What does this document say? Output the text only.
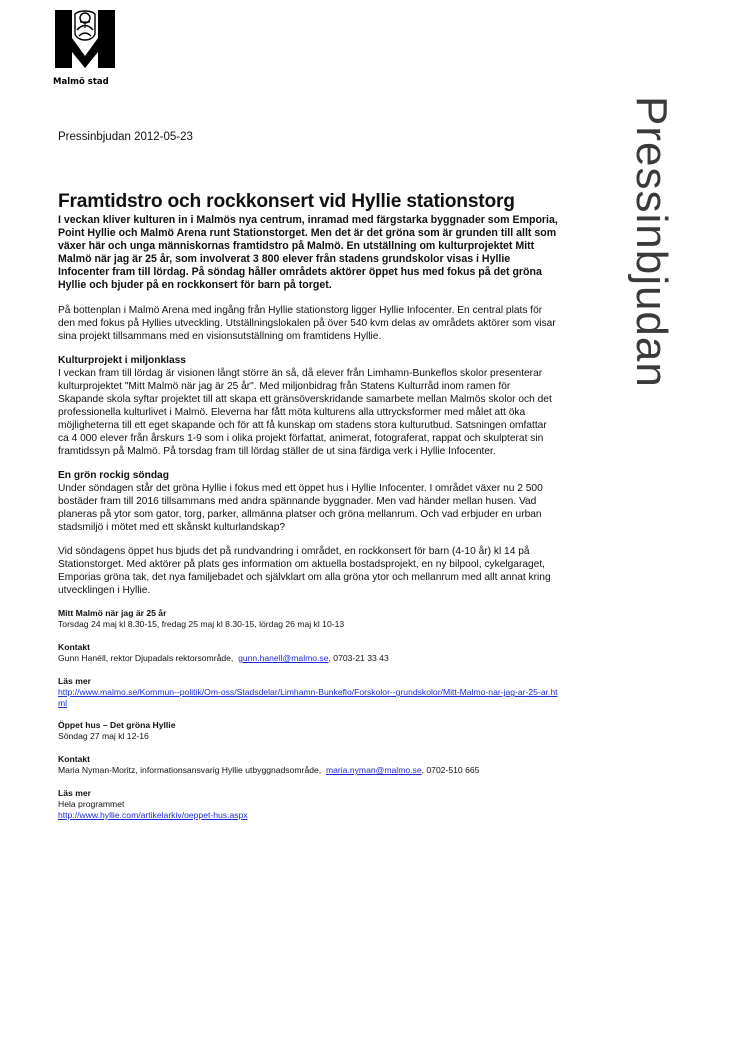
Malmö stad
Pressinbjudan
Pressinbjudan 2012-05-23
Framtidstro och rockkonsert vid Hyllie stationstorg

I veckan kliver kulturen in i Malmös nya centrum, inramad med färgstarka byggnader som Emporia, Point Hyllie och Malmö Arena runt Stationstorget. Men det är det gröna som är grunden till allt som växer här och unga människornas framtidstro på Malmö. En utställning om kulturprojektet Mitt Malmö när jag är 25 år, som involverat 3 800 elever från stadens grundskolor visas i Hyllie Infocenter fram till lördag. På söndag håller områdets aktörer öppet hus med fokus på det gröna Hyllie och bjuder på en rockkonsert för barn på torget.

På bottenplan i Malmö Arena med ingång från Hyllie stationstorg ligger Hyllie Infocenter. En central plats för den med fokus på Hyllies utveckling. Utställningslokalen på över 540 kvm delas av områdets aktörer som visar sina projekt tillsammans med en visionsutställning om framtidens Hyllie.

Kulturprojekt i miljonklass

I veckan fram till lördag är visionen långt större än så, då elever från Limhamn-Bunkeflos skolor presenterar kulturprojektet "Mitt Malmö när jag är 25 år". Med miljonbidrag från Statens Kulturråd inom ramen för Skapande skola syftar projektet till att skapa ett gränsöverskridande samarbete mellan Malmös skolor och det professionella kulturlivet i Malmö. Eleverna har fått möta kulturens alla uttrycksformer med målet att öka möjligheterna till ett eget skapande och för att få kunskap om stadens stora kulturutbud. Satsningen omfattar ca 4 000 elever från årskurs 1-9 som i olika projekt författat, animerat, fotograferat, rappat och skulpterat sin framtidssyn på Malmö. På torsdag fram till lördag ställer de ut sina färdiga verk i Hyllie Infocenter.

En grön rockig söndag

Under söndagen står det gröna Hyllie i fokus med ett öppet hus i Hyllie Infocenter. I området växer nu 2 500 bostäder fram till 2016 tillsammans med andra spännande byggnader. Men vad händer mellan husen. Vad planeras på ytor som gator, torg, parker, allmänna platser och gröna mellanrum. Och vad erbjuder en urban stadsmiljö i mötet med ett skånskt kulturlandskap?

Vid söndagens öppet hus bjuds det på rundvandring i området, en rockkonsert för barn (4-10 år) kl 14 på Stationstorget. Med aktörer på plats ges information om aktuella bostadsprojekt, en ny bilpool, cykelgaraget, Emporias gröna tak, det nya familjebadet och självklart om alla gröna ytor och mellanrum med allt annat kring utvecklingen i Hyllie.

Mitt Malmö när jag är 25 år
Torsdag 24 maj kl 8.30-15, fredag 25 maj kl 8.30-15, lördag 26 maj kl 10-13
Kontakt
Gunn Hanéll, rektor Djupadals rektorsområde, gunn.hanell@malmo.se, 0703-21 33 43
Läs mer
http://www.malmo.se/Kommun--politik/Om-oss/Stadsdelar/Limhamn-Bunkeflo/Forskolor--grundskolor/Mitt-Malmo-nar-jag-ar-25-ar.html
Öppet hus – Det gröna Hyllie
Söndag 27 maj kl 12-16
Kontakt
Maria Nyman-Moritz, informationsansvarig Hyllie utbyggnadsområde, maria.nyman@malmo.se, 0702-510 665
Läs mer
Hela programmet
http://www.hyllie.com/artikelarkiv/oeppet-hus.aspx
